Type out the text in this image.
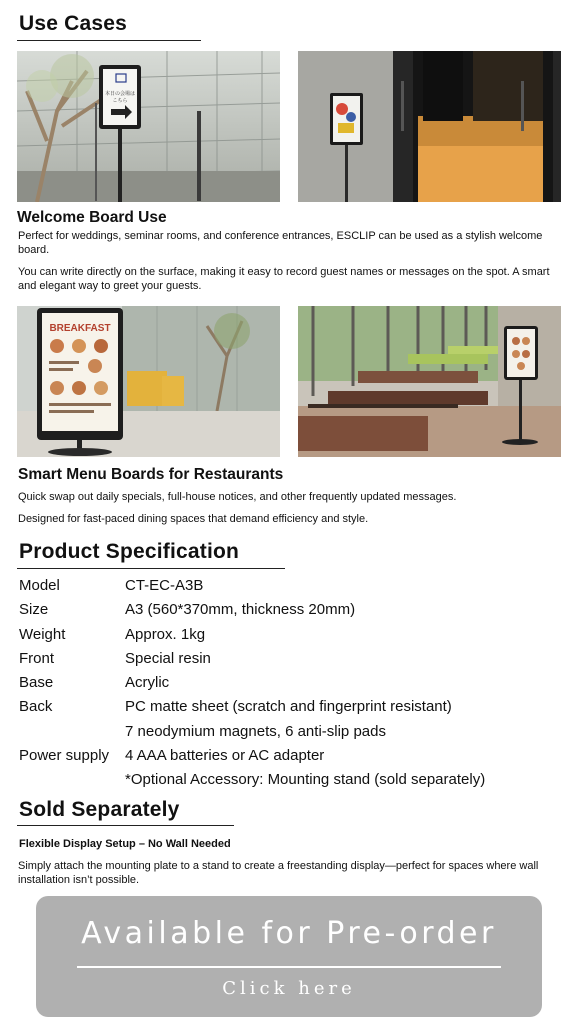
Use Cases
本日の会場は
こちら
Welcome Board Use
Perfect for weddings, seminar rooms, and conference entrances, ESCLIP can be used as a stylish welcome board.
You can write directly on the surface, making it easy to record guest names or messages on the spot. A smart and elegant way to greet your guests.
BREAKFAST
Smart Menu Boards for Restaurants
Quick swap out daily specials, full-house notices, and other frequently updated messages.
Designed for fast-paced dining spaces that demand efficiency and style.
Product Specification
Model	CT-EC-A3B
Size	A3 (560*370mm, thickness 20mm)
Weight	Approx. 1kg
Front	Special resin
Base	Acrylic
Back	PC matte sheet (scratch and fingerprint resistant)
7 neodymium magnets, 6 anti-slip pads
Power supply	4 AAA batteries or AC adapter
*Optional Accessory: Mounting stand (sold separately)
Sold Separately
Flexible Display Setup – No Wall Needed
Simply attach the mounting plate to a stand to create a freestanding display—perfect for spaces where wall installation isn’t possible.
Available for Pre-order
Click here
